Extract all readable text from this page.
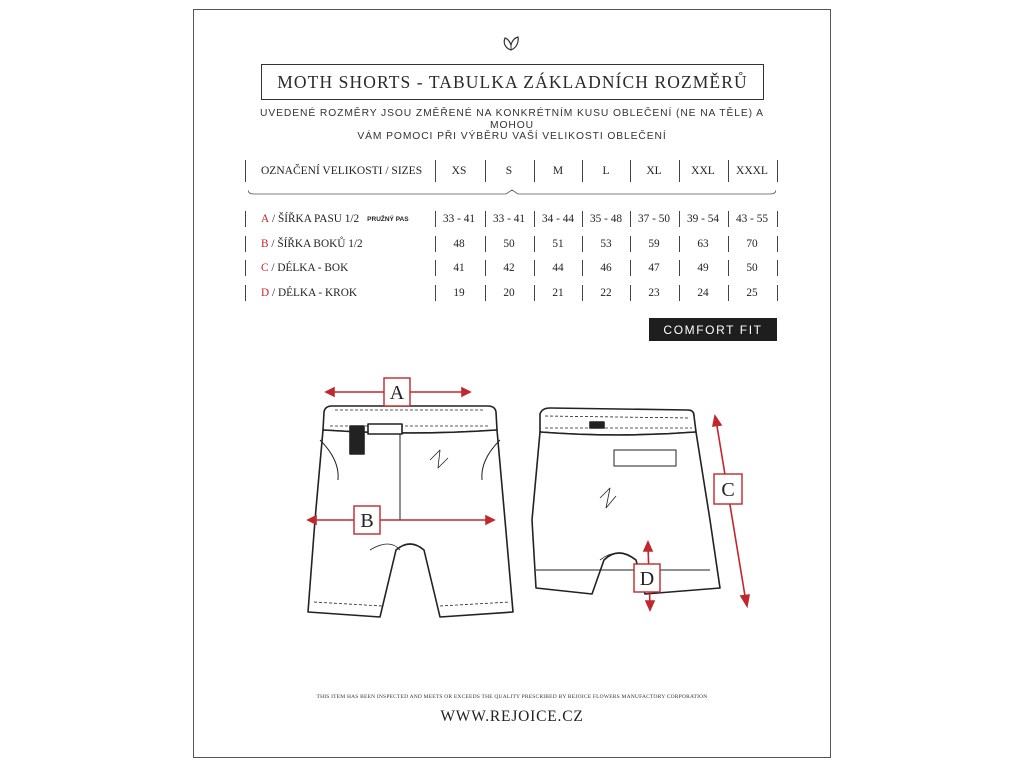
MOTH SHORTS - TABULKA ZÁKLADNÍCH ROZMĚRŮ
UVEDENÉ ROZMĚRY JSOU ZMĚŘENÉ NA KONKRÉTNÍM KUSU OBLEČENÍ (NE NA TĚLE) A MOHOU
VÁM POMOCI PŘI VÝBĚRU VAŠÍ VELIKOSTI OBLEČENÍ
OZNAČENÍ VELIKOSTI / SIZES	XS	S	M	L	XL	XXL	XXXL
A / ŠÍŘKA PASU 1/2 PRUŽNÝ PAS	33 - 41	33 - 41	34 - 44	35 - 48	37 - 50	39 - 54	43 - 55
B / ŠÍŘKA BOKŮ 1/2	48	50	51	53	59	63	70
C / DÉLKA - BOK	41	42	44	46	47	49	50
D / DÉLKA - KROK	19	20	21	22	23	24	25
COMFORT FIT
A
B
C
D
THIS ITEM HAS BEEN INSPECTED AND MEETS OR EXCEEDS THE QUALITY PRESCRIBED BY REJOICE FLOWERS MANUFACTORY CORPORATION
WWW.REJOICE.CZ
